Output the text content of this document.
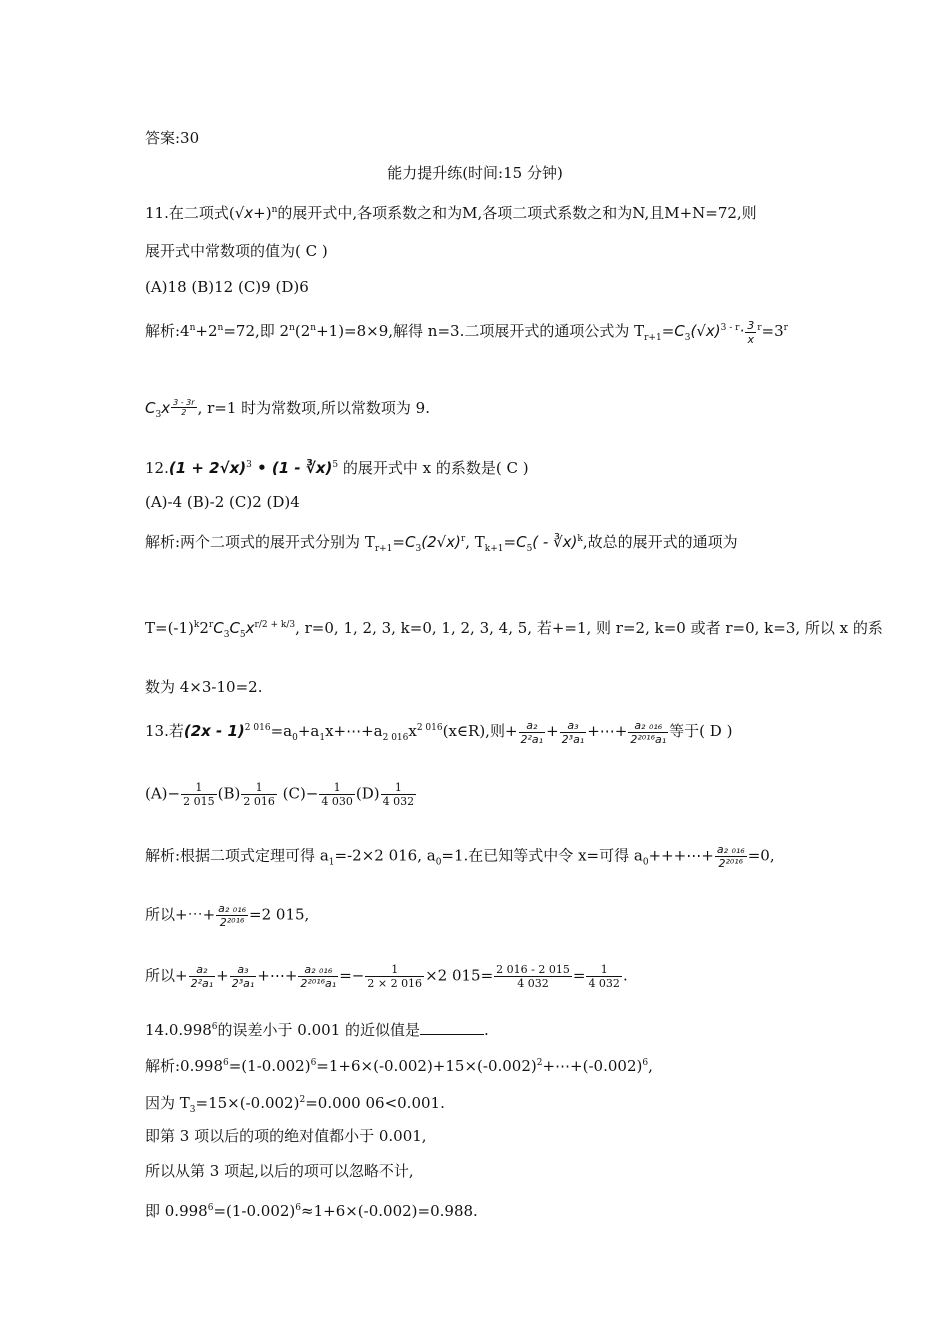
答案:30
能力提升练(时间:15 分钟)
11.在二项式$(√x+)^n$的展开式中,各项系数之和为M,各项二项式系数之和为N,且M+N=72,则
展开式中常数项的值为( C )
(A)18 (B)12 (C)9 (D)6
解析$:4^n+2^n=72$,即 $2^n(2^n+1)=8\times 9$,解得 n=3.二项展开式的通项公式为 $T_{r+1}=C_3(√x)^{3 - r}\cdot \frac{3}{x} ^r=3^r$
$C_3x \frac{3 - 3r}{2}$ , r=1 时为常数项,所以常数项为 9.
$12.(1 + 2√x)^3$ • (1 - ∛x)$^5$ 的展开式中 x 的系数是( C )
(A)-4 (B)-2 (C)2 (D)4
解析:两个二项式的展开式分别为 $T_{r+1}=C_3(2√x)^r$, $T_{k+1}=C_5$( - ∛x)$^k$,故总的展开式的通项为
$T=(-1)^k2^rC_3C_5x^{r/2 + k/3}$, r=0, 1, 2, 3, k=0, 1, 2, 3, 4, 5, 若+=1, 则 r=2, k=0 或者 r=0, k=3, 所以 x 的系
数为 4×3-10=2.
13.若$(2x - 1)^{2 016}=a_0+a_1x+\cdots+a_{2 016}x^{2 016}(x\in R)$,则+ $\frac{\text{a₂}}{\text{2²a₁}} + \frac{\text{a₃}}{\text{2³a₁}}$ +⋯+ $\frac{\text{a₂ ₀₁₆}}{\text{2²⁰¹⁶a₁}}$ 等于( D )
$(A)- \frac{1}{2 015} (B) \frac{1}{2 016} (C)- \frac{1}{4 030} (D) \frac{1}{4 032}$
解析:根据二项式定理可得 $a_1=-2\times 2$ 016, $a_0=1$.在已知等式中令 x=可得 $a_0+++\cdots+ \frac{\text{a₂ ₀₁₆}}{\text{2²⁰¹⁶}} =0$,
所以+⋯+ $\frac{\text{a₂ ₀₁₆}}{\text{2²⁰¹⁶}} =2$ 015,
所以+ $\frac{\text{a₂}}{\text{2²a₁}} + \frac{\text{a₃}}{\text{2³a₁}}$ +⋯+ $\frac{\text{a₂ ₀₁₆}}{\text{2²⁰¹⁶a₁}} =- \frac{1}{2 \times 2 016} \times 2$ $015= \frac{2 016 - 2 015}{4 032} = \frac{1}{4 032}$ .
14.0.998$^6$的误差小于 0.001 的近似值是	.
解析$:0.998^6=(1-0.002)^6=1+6\times(-0.002)+15\times(-0.002)^2+\cdots+(-0.002)^6$,
因为 $T_3=15\times(-0.002)^2=0.000$ 06<0.001.
即第 3 项以后的项的绝对值都小于 0.001,
所以从第 3 项起,以后的项可以忽略不计,
即 $0.998^6=(1-0.002)^6\approx 1+6\times(-0.002)=0.988$.
